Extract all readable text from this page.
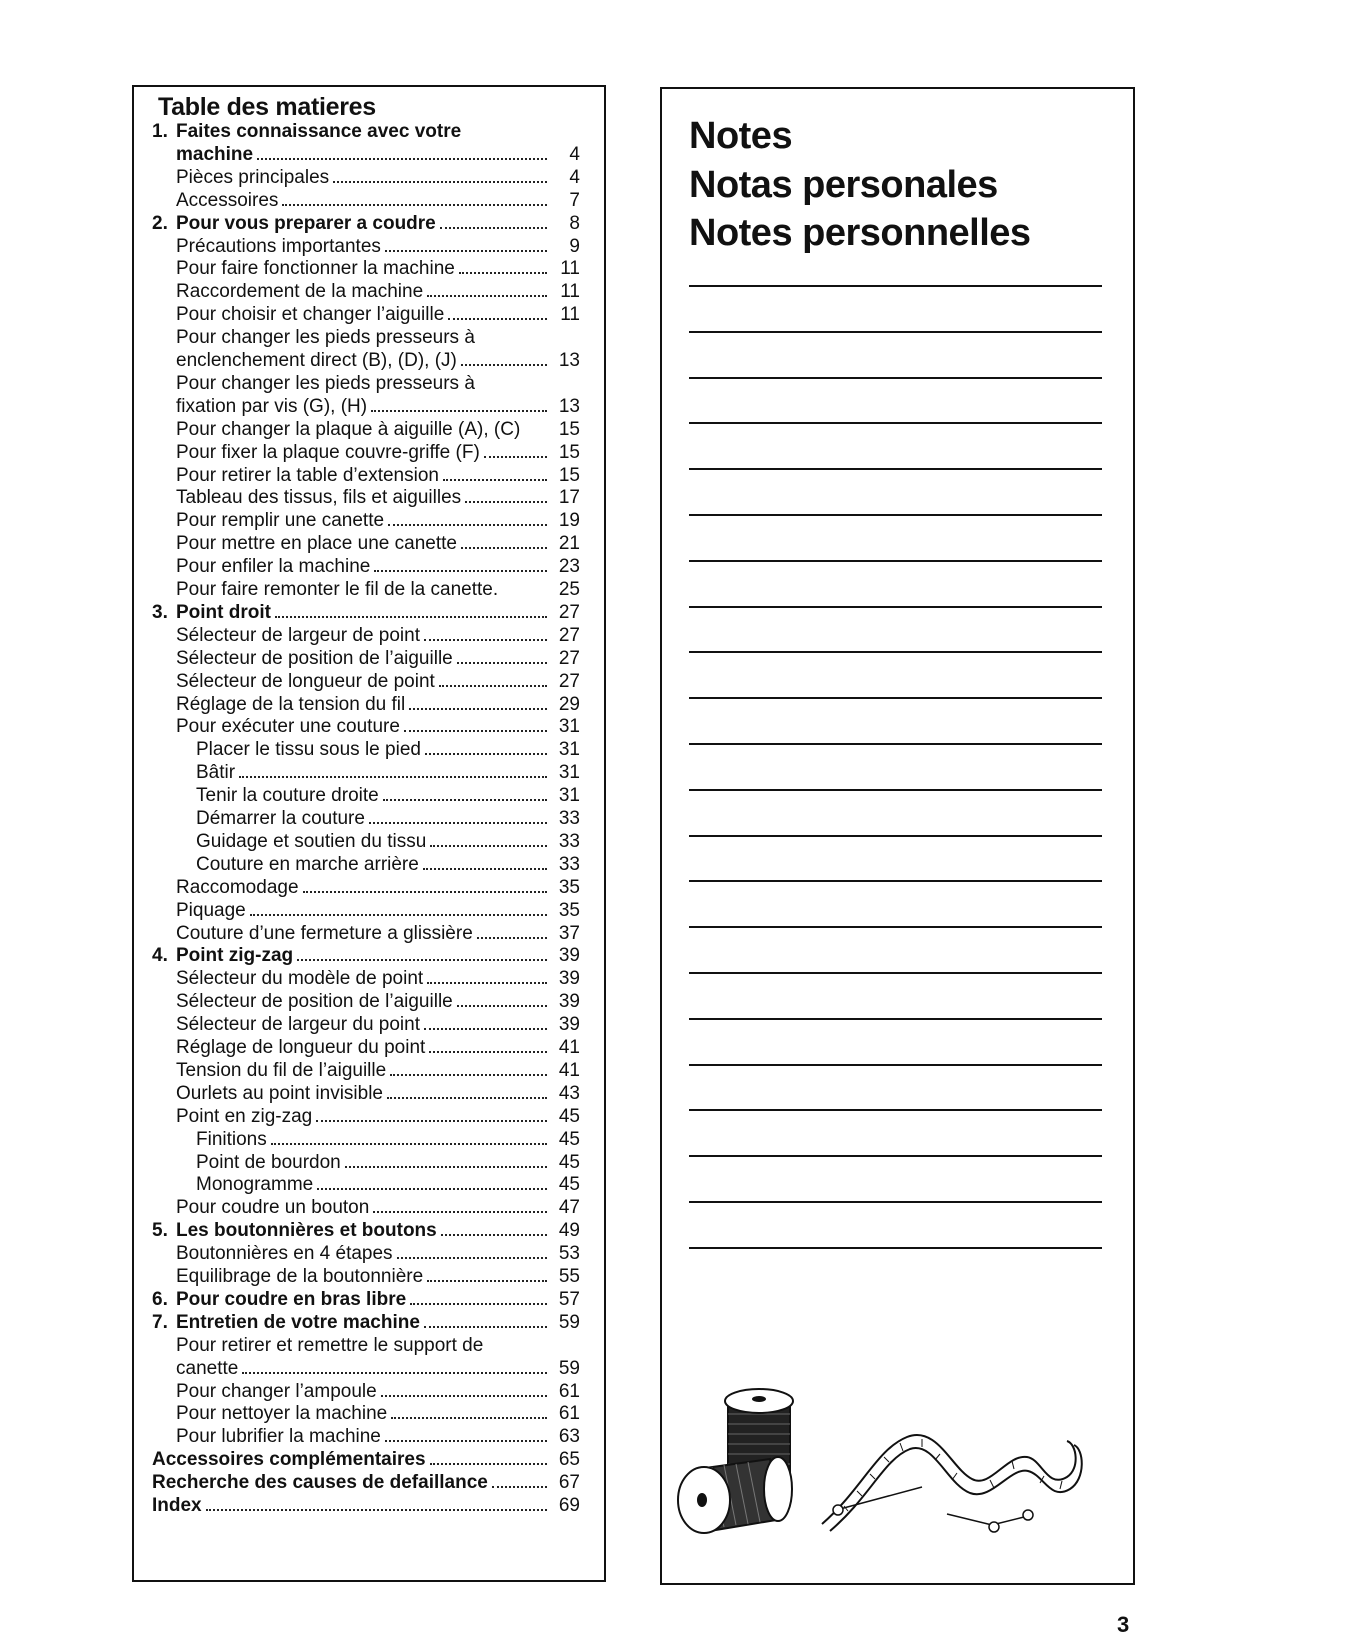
Table des matieres
1. Faites connaissance avec votre
machine	4
Pièces principales	4
Accessoires	7
2. Pour vous preparer a coudre	8
Précautions importantes	9
Pour faire fonctionner la machine	11
Raccordement de la machine	11
Pour choisir et changer l’aiguille	11
Pour changer les pieds presseurs à
enclenchement direct (B), (D), (J)	13
Pour changer les pieds presseurs à
fixation par vis (G), (H)	13
Pour changer la plaque à aiguille (A), (C)	15
Pour fixer la plaque couvre-griffe (F)	15
Pour retirer la table d’extension	15
Tableau des tissus, fils et aiguilles	17
Pour remplir une canette	19
Pour mettre en place une canette	21
Pour enfiler la machine	23
Pour faire remonter le fil de la canette.	25
3. Point droit	27
Sélecteur de largeur de point	27
Sélecteur de position de l’aiguille	27
Sélecteur de longueur de point	27
Réglage de la tension du fil	29
Pour exécuter une couture	31
Placer le tissu sous le pied	31
Bâtir	31
Tenir la couture droite	31
Démarrer la couture	33
Guidage et soutien du tissu	33
Couture en marche arrière	33
Raccomodage	35
Piquage	35
Couture d’une fermeture a glissière	37
4. Point zig-zag	39
Sélecteur du modèle de point	39
Sélecteur de position de l’aiguille	39
Sélecteur de largeur du point	39
Réglage de longueur du point	41
Tension du fil de l’aiguille	41
Ourlets au point invisible	43
Point en zig-zag	45
Finitions	45
Point de bourdon	45
Monogramme	45
Pour coudre un bouton	47
5. Les boutonnières et boutons	49
Boutonnières en 4 étapes	53
Equilibrage de la boutonnière	55
6. Pour coudre en bras libre	57
7. Entretien de votre machine	59
Pour retirer et remettre le support de
canette	59
Pour changer l’ampoule	61
Pour nettoyer la machine	61
Pour lubrifier la machine	63
Accessoires complémentaires	65
Recherche des causes de defaillance	67
Index	69
Notes
Notas personales
Notes personnelles
3
